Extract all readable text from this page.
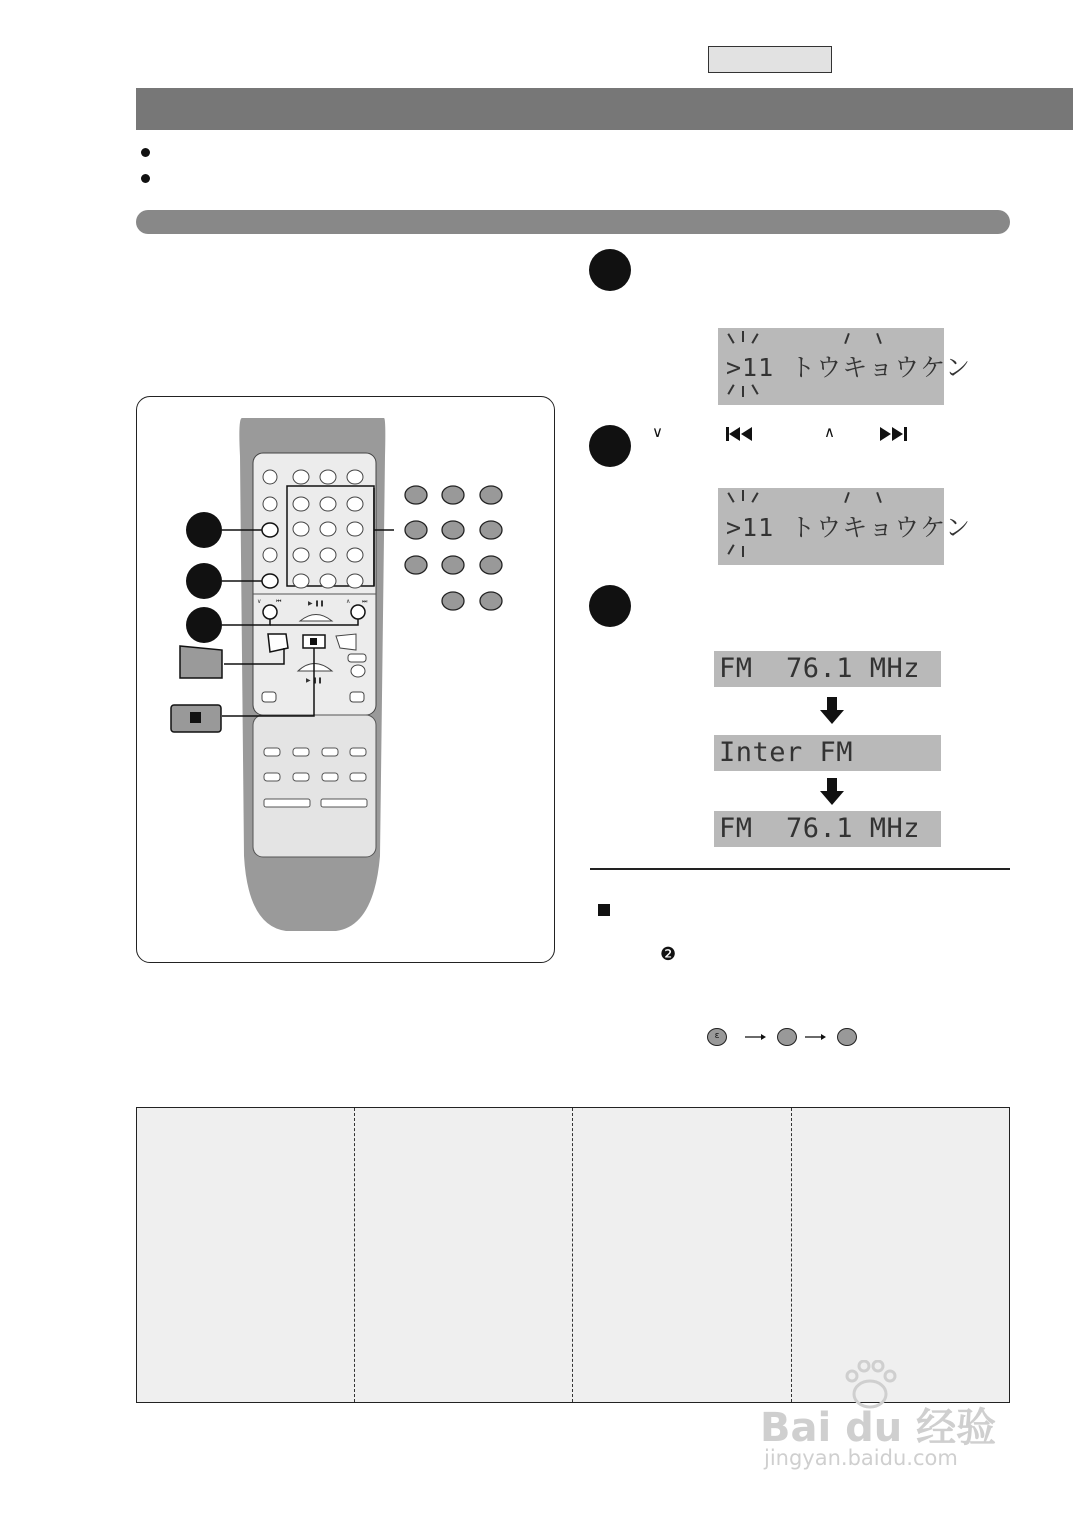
∨ ⏮	▶ ❚❚	∧ ⏭
▶ ❚❚
∨	∧
>11 トウキョウケン
>11 トウキョウケン
FM  76.1 MHz
Inter FM
FM  76.1 MHz
❷
ε
Bai du 经验
jingyan.baidu.com
